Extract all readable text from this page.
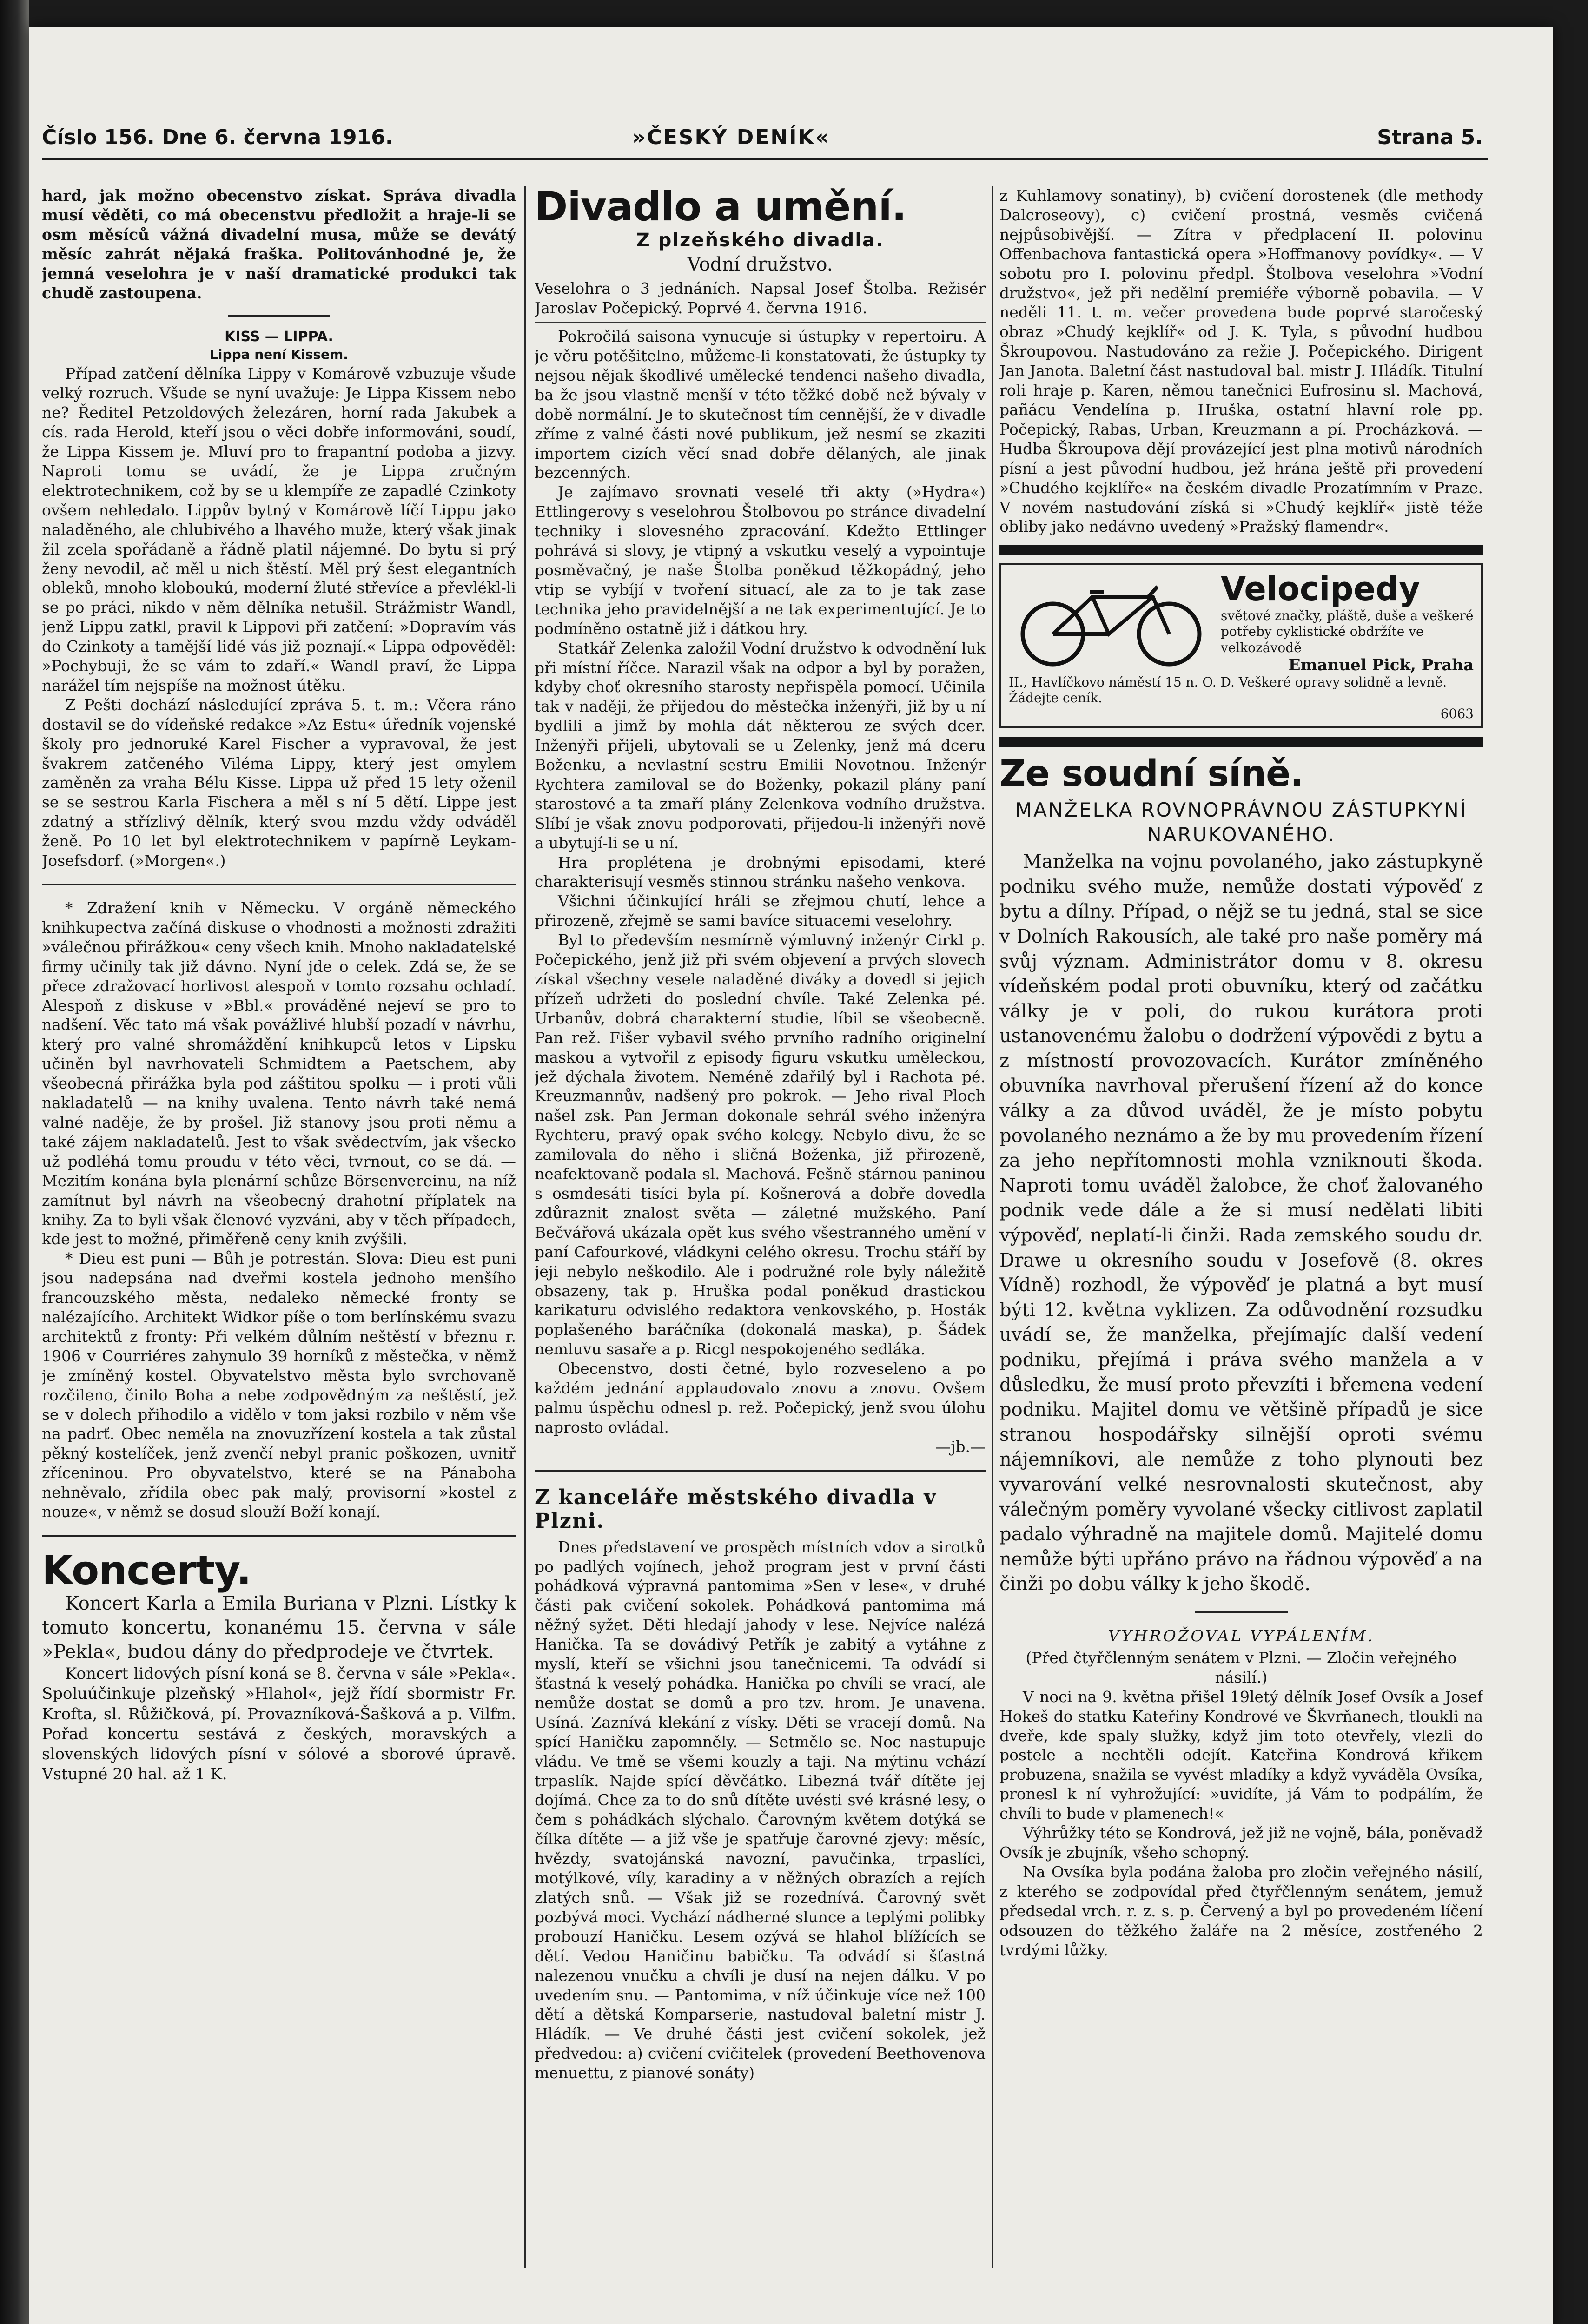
Číslo 156. Dne 6. června 1916.	»ČESKÝ DENÍK«	Strana 5.

hard, jak možno obecenstvo získat. Správa divadla musí věděti, co má obecenstvu předložit a hraje-li se osm měsíců vážná divadelní musa, může se devátý měsíc zahrát nějaká fraška. Politovánhodné je, že jemná veselohra je v naší dramatické produkci tak chudě zastoupena.

KISS — LIPPA.
Lippa není Kissem.

Případ zatčení dělníka Lippy v Komárově vzbuzuje všude velký rozruch. Všude se nyní uvažuje: Je Lippa Kissem nebo ne? Ředitel Petzoldových železáren, horní rada Jakubek a cís. rada Herold, kteří jsou o věci dobře informováni, soudí, že Lippa Kissem je. Mluví pro to frapantní podoba a jizvy. Naproti tomu se uvádí, že je Lippa zručným elektrotechnikem, což by se u klempíře ze zapadlé Czinkoty ovšem nehledalo. Lippův bytný v Komárově líčí Lippu jako naladěného, ale chlubivého a lhavého muže, který však jinak žil zcela spořádaně a řádně platil nájemné. Do bytu si prý ženy nevodil, ač měl u nich štěstí. Měl prý šest elegantních obleků, mnoho kloboukú, moderní žluté střevíce a převlékl-li se po práci, nikdo v něm dělníka netušil. Strážmistr Wandl, jenž Lippu zatkl, pravil k Lippovi při zatčení: »Dopravím vás do Czinkoty a tamější lidé vás již poznají.« Lippa odpověděl: »Pochybuji, že se vám to zdaří.« Wandl praví, že Lippa narážel tím nejspíše na možnost útěku.

Z Pešti dochází následující zpráva 5. t. m.: Včera ráno dostavil se do vídeňské redakce »Az Estu« úředník vojenské školy pro jednoruké Karel Fischer a vypravoval, že jest švakrem zatčeného Viléma Lippy, který jest omylem zaměněn za vraha Bélu Kisse. Lippa už před 15 lety oženil se se sestrou Karla Fischera a měl s ní 5 dětí. Lippe jest zdatný a střízlivý dělník, který svou mzdu vždy odváděl ženě. Po 10 let byl elektrotechnikem v papírně Leykam-Josefsdorf. (»Morgen«.)

* Zdražení knih v Německu. V orgáně německého knihkupectva začíná diskuse o vhodnosti a možnosti zdražiti »válečnou přirážkou« ceny všech knih. Mnoho nakladatelské firmy učinily tak již dávno. Nyní jde o celek. Zdá se, že se přece zdražovací horlivost alespoň v tomto rozsahu ochladí. Alespoň z diskuse v »Bbl.« prováděné nejeví se pro to nadšení. Věc tato má však povážlivé hlubší pozadí v návrhu, který pro valné shromáždění knihkupců letos v Lipsku učiněn byl navrhovateli Schmidtem a Paetschem, aby všeobecná přirážka byla pod záštitou spolku — i proti vůli nakladatelů — na knihy uvalena. Tento návrh také nemá valné naděje, že by prošel. Již stanovy jsou proti němu a také zájem nakladatelů. Jest to však svědectvím, jak všecko už podléhá tomu proudu v této věci, tvrnout, co se dá. — Mezitím konána byla plenární schůze Börsenvereinu, na níž zamítnut byl návrh na všeobecný drahotní příplatek na knihy. Za to byli však členové vyzváni, aby v těch případech, kde jest to možné, přiměřeně ceny knih zvýšili.

* Dieu est puni — Bůh je potrestán. Slova: Dieu est puni jsou nadepsána nad dveřmi kostela jednoho menšího francouzského města, nedaleko německé fronty se nalézajícího. Architekt Widkor píše o tom berlínskému svazu architektů z fronty: Při velkém důlním neštěstí v březnu r. 1906 v Courriéres zahynulo 39 horníků z městečka, v němž je zmíněný kostel. Obyvatelstvo města bylo svrchovaně rozčileno, činilo Boha a nebe zodpovědným za neštěstí, jež se v dolech přihodilo a vidělo v tom jaksi rozbilo v něm vše na padrť. Obec neměla na znovuzřízení kostela a tak zůstal pěkný kostelíček, jenž zvenčí nebyl pranic poškozen, uvnitř zříceninou. Pro obyvatelstvo, které se na Pánaboha nehněvalo, zřídila obec pak malý, provisorní »kostel z nouze«, v němž se dosud slouží Boží konají.

Koncerty.

Koncert Karla a Emila Buriana v Plzni. Lístky k tomuto koncertu, konanému 15. června v sále »Pekla«, budou dány do předprodeje ve čtvrtek.

Koncert lidových písní koná se 8. června v sále »Pekla«. Spoluúčinkuje plzeňský »Hlahol«, jejž řídí sbormistr Fr. Krofta, sl. Růžičková, pí. Provazníková-Šašková a p. Vilfm. Pořad koncertu sestává z českých, moravských a slovenských lidových písní v sólové a sborové úpravě. Vstupné 20 hal. až 1 K.

Divadlo a umění.
Z plzeňského divadla.
Vodní družstvo.

Veselohra o 3 jednáních. Napsal Josef Štolba. Režisér Jaroslav Počepický. Poprvé 4. června 1916.

Pokročilá saisona vynucuje si ústupky v repertoiru. A je věru potěšitelno, můžeme-li konstatovati, že ústupky ty nejsou nějak škodlivé umělecké tendenci našeho divadla, ba že jsou vlastně menší v této těžké době než bývaly v době normální. Je to skutečnost tím cennější, že v divadle zříme z valné části nové publikum, jež nesmí se zkaziti importem cizích věcí snad dobře dělaných, ale jinak bezcenných.

Je zajímavo srovnati veselé tři akty (»Hydra«) Ettlingerovy s veselohrou Štolbovou po stránce divadelní techniky i slovesného zpracování. Kdežto Ettlinger pohrává si slovy, je vtipný a vskutku veselý a vypointuje posměvačný, je naše Štolba poněkud těžkopádný, jeho vtip se vybíjí v tvoření situací, ale za to je tak zase technika jeho pravidelnější a ne tak experimentující. Je to podmíněno ostatně již i dátkou hry.

Statkář Zelenka založil Vodní družstvo k odvodnění luk při místní říčce. Narazil však na odpor a byl by poražen, kdyby choť okresního starosty nepřispěla pomocí. Učinila tak v naději, že přijedou do městečka inženýři, již by u ní bydlili a jimž by mohla dát některou ze svých dcer. Inženýři přijeli, ubytovali se u Zelenky, jenž má dceru Boženku, a nevlastní sestru Emilii Novotnou. Inženýr Rychtera zamiloval se do Boženky, pokazil plány paní starostové a ta zmaří plány Zelenkova vodního družstva. Slíbí je však znovu podporovati, přijedou-li inženýři nově a ubytují-li se u ní.

Hra proplétena je drobnými episodami, které charakterisují vesměs stinnou stránku našeho venkova.

Všichni účinkující hráli se zřejmou chutí, lehce a přirozeně, zřejmě se sami bavíce situacemi veselohry.

Byl to především nesmírně výmluvný inženýr Cirkl p. Počepického, jenž již při svém objevení a prvých slovech získal všechny vesele naladěné diváky a dovedl si jejich přízeň udržeti do poslední chvíle. Také Zelenka pé. Urbanův, dobrá charakterní studie, líbil se všeobecně. Pan rež. Fišer vybavil svého prvního radního originelní maskou a vytvořil z episody figuru vskutku uměleckou, jež dýchala životem. Neméně zdařilý byl i Rachota pé. Kreuzmannův, nadšený pro pokrok. — Jeho rival Ploch našel zsk. Pan Jerman dokonale sehrál svého inženýra Rychteru, pravý opak svého kolegy. Nebylo divu, že se zamilovala do něho i sličná Boženka, již přirozeně, neafektovaně podala sl. Machová. Fešně stárnou paninou s osmdesáti tisíci byla pí. Košnerová a dobře dovedla zdůraznit znalost světa — záletné mužského. Paní Bečvářová ukázala opět kus svého všestranného umění v paní Cafourkové, vládkyni celého okresu. Trochu stáří by jeji nebylo neškodilo. Ale i podružné role byly náležitě obsazeny, tak p. Hruška podal poněkud drastickou karikaturu odvislého redaktora venkovského, p. Hosták poplašeného baráčníka (dokonalá maska), p. Šádek nemluvu sasaře a p. Ricgl nespokojeného sedláka.

Obecenstvo, dosti četné, bylo rozveseleno a po každém jednání applaudovalo znovu a znovu. Ovšem palmu úspěchu odnesl p. rež. Počepický, jenž svou úlohu naprosto ovládal.

—jb.—

Z kanceláře městského divadla v Plzni.

Dnes představení ve prospěch místních vdov a sirotků po padlých vojínech, jehož program jest v první části pohádková výpravná pantomima »Sen v lese«, v druhé části pak cvičení sokolek. Pohádková pantomima má něžný syžet. Děti hledají jahody v lese. Nejvíce nalézá Hanička. Ta se dovádivý Petřík je zabitý a vytáhne z myslí, kteří se všichni jsou tanečnicemi. Ta odvádí si šťastná k veselý pohádka. Hanička po chvíli se vrací, ale nemůže dostat se domů a pro tzv. hrom. Je unavena. Usíná. Zaznívá klekání z vísky. Děti se vracejí domů. Na spící Haničku zapomněly. — Setmělo se. Noc nastupuje vládu. Ve tmě se všemi kouzly a taji. Na mýtinu vchází trpaslík. Najde spící děvčátko. Libezná tvář dítěte jej dojímá. Chce za to do snů dítěte uvésti své krásné lesy, o čem s pohádkách slýchalo. Čarovným květem dotýká se čílka dítěte — a již vše je spatřuje čarovné zjevy: měsíc, hvězdy, svatojánská navozní, pavučinka, trpaslíci, motýlkové, víly, karadiny a v něžných obrazích a rejích zlatých snů. — Však již se rozednívá. Čarovný svět pozbývá moci. Vychází nádherné slunce a teplými polibky probouzí Haničku. Lesem ozývá se hlahol blížících se dětí. Vedou Haničinu babičku. Ta odvádí si šťastná nalezenou vnučku a chvíli je dusí na nejen dálku. V po uvedením snu. — Pantomima, v níž účinkuje více než 100 dětí a dětská Komparserie, nastudoval baletní mistr J. Hládík. — Ve druhé části jest cvičení sokolek, jež předvedou: a) cvičení cvičitelek (provedení Beethovenova menuettu, z pianové sonáty)

z Kuhlamovy sonatiny), b) cvičení dorostenek (dle methody Dalcroseovy), c) cvičení prostná, vesměs cvičená nejpůsobivější. — Zítra v předplacení II. polovinu Offenbachova fantastická opera »Hoffmanovy povídky«. — V sobotu pro I. polovinu předpl. Štolbova veselohra »Vodní družstvo«, jež při nedělní premiéře výborně pobavila. — V neděli 11. t. m. večer provedena bude poprvé staročeský obraz »Chudý kejklíř« od J. K. Tyla, s původní hudbou Škroupovou. Nastudováno za režie J. Počepického. Dirigent Jan Janota. Baletní část nastudoval bal. mistr J. Hládík. Titulní roli hraje p. Karen, němou tanečnici Eufrosinu sl. Machová, pañácu Vendelína p. Hruška, ostatní hlavní role pp. Počepický, Rabas, Urban, Kreuzmann a pí. Procházková. — Hudba Škroupova dějí provázející jest plna motivů národních písní a jest původní hudbou, jež hrána ještě při provedení »Chudého kejklíře« na českém divadle Prozatímním v Praze. V novém nastudování získá si »Chudý kejklíř« jistě téže obliby jako nedávno uvedený »Pražský flamendr«.

Velocipedy
světové značky, pláště, duše a veškeré potřeby cyklistické obdržíte ve velkozávodě
Emanuel Pick, Praha
II., Havlíčkovo náměstí 15 n. O. D. Veškeré opravy solidně a levně. Žádejte ceník.
6063
Ze soudní síně.
MANŽELKA ROVNOPRÁVNOU ZÁSTUPKYNÍ NARUKOVANÉHO.

Manželka na vojnu povolaného, jako zástupkyně podniku svého muže, nemůže dostati výpověď z bytu a dílny. Případ, o nějž se tu jedná, stal se sice v Dolních Rakousích, ale také pro naše poměry má svůj význam. Administrátor domu v 8. okresu vídeňském podal proti obuvníku, který od začátku války je v poli, do rukou kurátora proti ustanovenému žalobu o dodržení výpovědi z bytu a z místností provozovacích. Kurátor zmíněného obuvníka navrhoval přerušení řízení až do konce války a za důvod uváděl, že je místo pobytu povolaného neznámo a že by mu provedením řízení za jeho nepřítomnosti mohla vzniknouti škoda. Naproti tomu uváděl žalobce, že choť žalovaného podnik vede dále a že si musí nedělati libiti výpověď, neplatí-li činži. Rada zemského soudu dr. Drawe u okresního soudu v Josefově (8. okres Vídně) rozhodl, že výpověď je platná a byt musí býti 12. května vyklizen. Za odůvodnění rozsudku uvádí se, že manželka, přejímajíc další vedení podniku, přejímá i práva svého manžela a v důsledku, že musí proto převzíti i břemena vedení podniku. Majitel domu ve většině případů je sice stranou hospodářsky silnější oproti svému nájemníkovi, ale nemůže z toho plynouti bez vyvarování velké nesrovnalosti skutečnost, aby válečným poměry vyvolané všecky citlivost zaplatil padalo výhradně na majitele domů. Majitelé domu nemůže býti upřáno právo na řádnou výpověď a na činži po dobu války k jeho škodě.

VYHROŽOVAL VYPÁLENÍM.

(Před čtyřčlenným senátem v Plzni. — Zločin veřejného násilí.)

V noci na 9. května přišel 19letý dělník Josef Ovsík a Josef Hokeš do statku Kateřiny Kondrové ve Škvrňanech, tloukli na dveře, kde spaly služky, když jim toto otevřely, vlezli do postele a nechtěli odejít. Kateřina Kondrová křikem probuzena, snažila se vyvést mladíky a když vyváděla Ovsíka, pronesl k ní vyhrožující: »uvidíte, já Vám to podpálím, že chvíli to bude v plamenech!«

Výhrůžky této se Kondrová, jež již ne vojně, bála, poněvadž Ovsík je zbujník, všeho schopný.

Na Ovsíka byla podána žaloba pro zločin veřejného násilí, z kterého se zodpovídal před čtyřčlenným senátem, jemuž předsedal vrch. r. z. s. p. Červený a byl po provedeném líčení odsouzen do těžkého žaláře na 2 měsíce, zostřeného 2 tvrdými lůžky.
